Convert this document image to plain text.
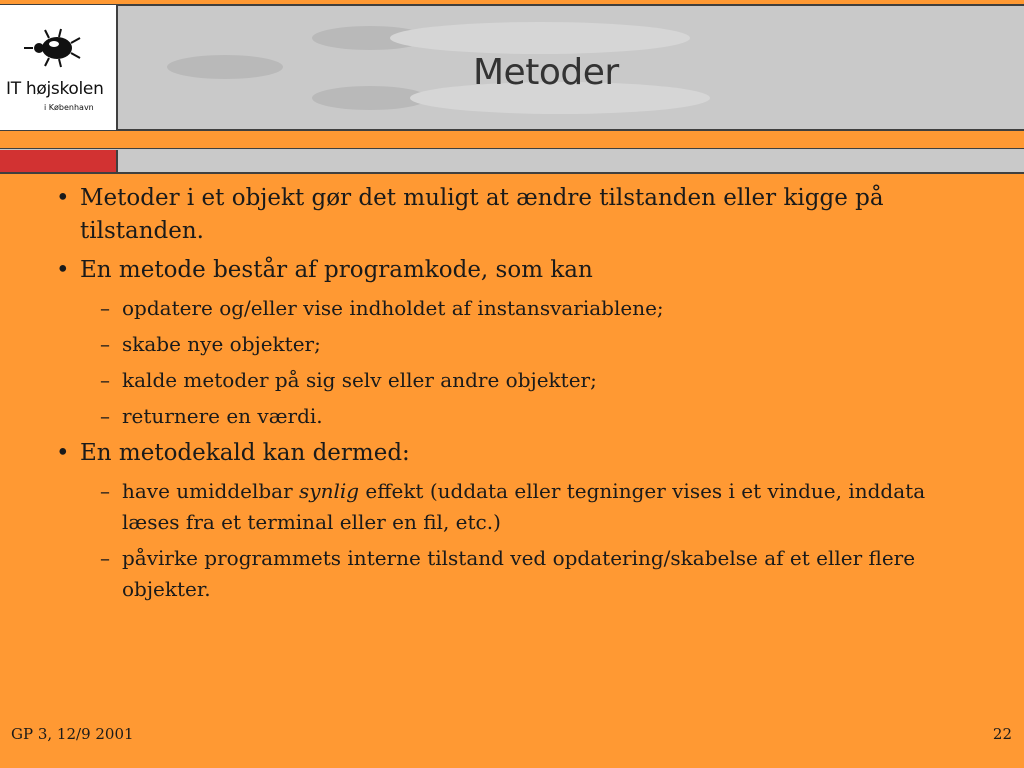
IT højskolen
i København
Metoder
• Metoder i et objekt gør det muligt at ændre tilstanden eller kigge på tilstanden.
• En metode består af programkode, som kan
– opdatere og/eller vise indholdet af instansvariablene;
– skabe nye objekter;
– kalde metoder på sig selv eller andre objekter;
– returnere en værdi.
• En metodekald kan dermed:
– have umiddelbar synlig effekt (uddata eller tegninger vises i et vindue, inddata læses fra et terminal eller en fil, etc.)
– påvirke programmets interne tilstand ved opdatering/skabelse af et eller flere objekter.
GP 3, 12/9 2001	22
